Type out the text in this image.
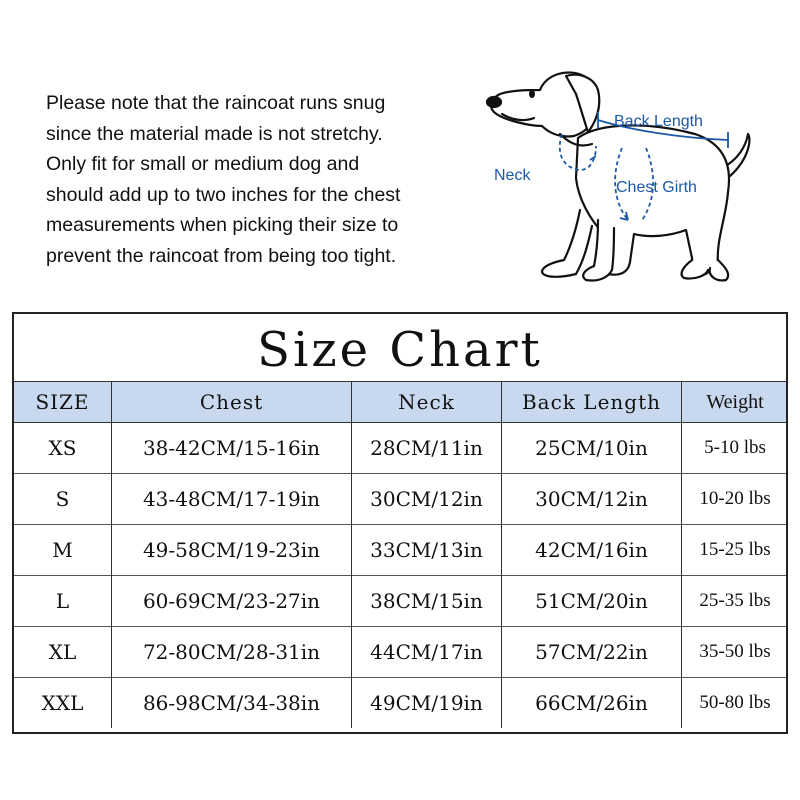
Please note that the raincoat runs snug
since the material made is not stretchy.
Only fit for small or medium dog and
should add up to two inches for the chest
measurements when picking their size to
prevent the raincoat from being too tight.
Back Length
Neck
Chest Girth
Size Chart
SIZE	Chest	Neck	Back Length	Weight
XS	38-42CM/15-16in	28CM/11in	25CM/10in	5-10 lbs
S	43-48CM/17-19in	30CM/12in	30CM/12in	10-20 lbs
M	49-58CM/19-23in	33CM/13in	42CM/16in	15-25 lbs
L	60-69CM/23-27in	38CM/15in	51CM/20in	25-35 lbs
XL	72-80CM/28-31in	44CM/17in	57CM/22in	35-50 lbs
XXL	86-98CM/34-38in	49CM/19in	66CM/26in	50-80 lbs
